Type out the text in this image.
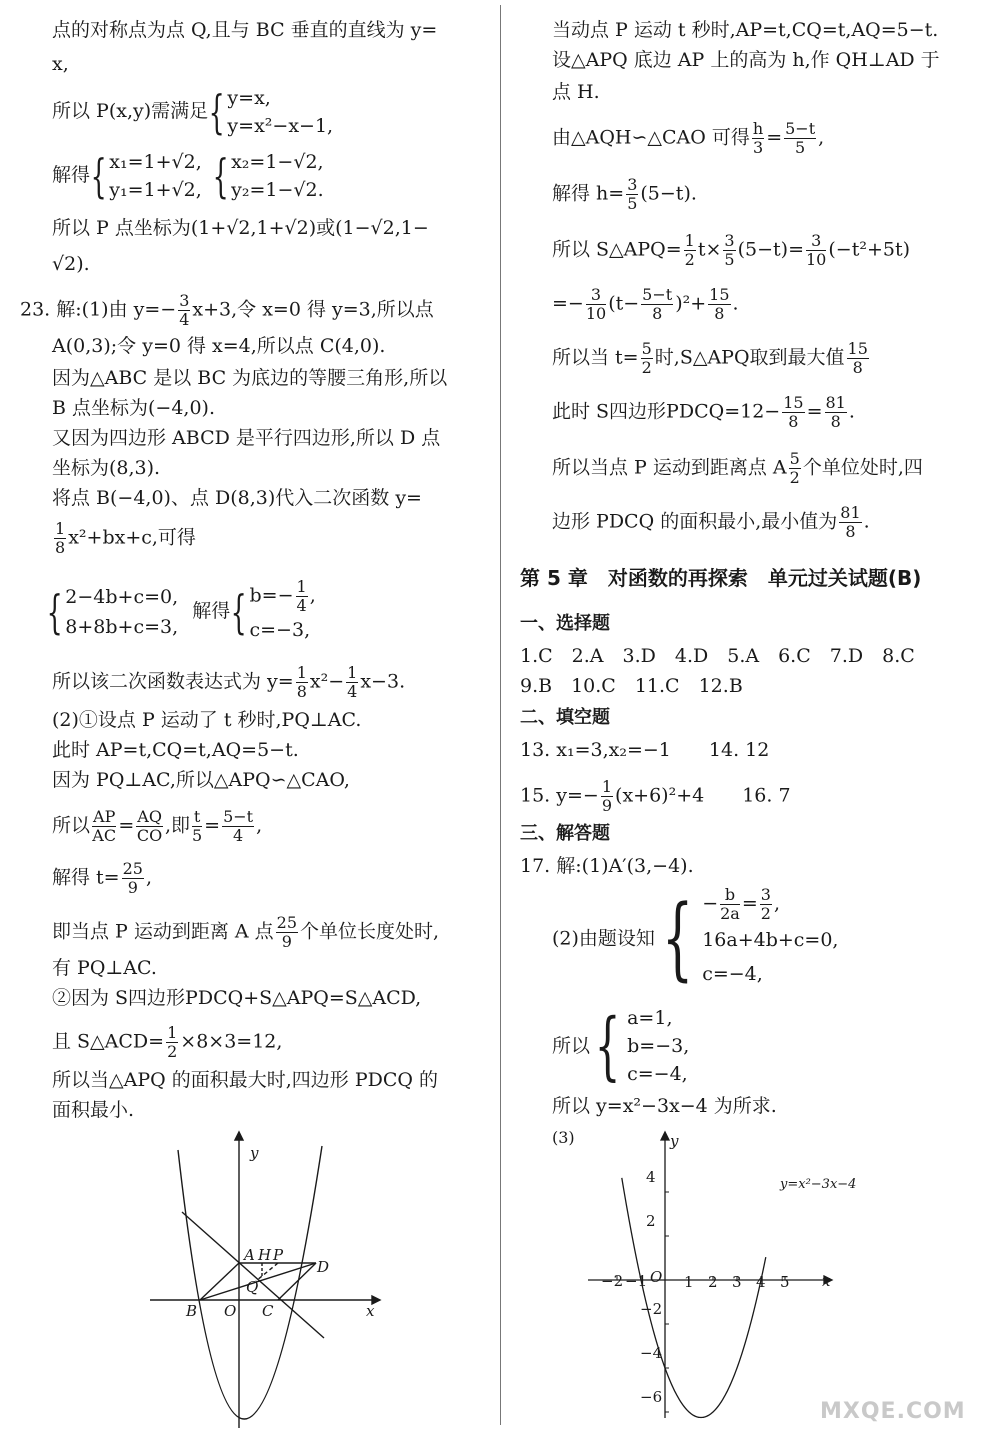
点的对称点为点 Q,且与 BC 垂直的直线为 y=
x,
所以 P(x,y)需满足{ y=x,
y=x²−x−1,
解得{ x₁=1+√2,
y₁=1+√2, { x₂=1−√2,
y₂=1−√2.
所以 P 点坐标为(1+√2,1+√2)或(1−√2,1−
√2).
23. 解:(1)由 $y=- \frac{3}{4} x+3$,令 x=0 得 y=3,所以点
A(0,3);令 y=0 得 x=4,所以点 C(4,0).
因为△ABC 是以 BC 为底边的等腰三角形,所以
B 点坐标为(−4,0).
又因为四边形 ABCD 是平行四边形,所以 D 点
坐标为(8,3).
将点 B(−4,0)、点 D(8,3)代入二次函数 y=
$\frac{1}{8} x^2+bx+c$,可得
{ 2−4b+c=0,
8+8b+c=3,
解得{ $b=- \frac{1}{4}$ ,
c=−3,
所以该二次函数表达式为 $y= \frac{1}{8} x^2- \frac{1}{4} x-3$.
(2)①设点 P 运动了 t 秒时,PQ⊥AC.
此时 AP=t,CQ=t,AQ=5−t.
因为 PQ⊥AC,所以△APQ∽△CAO,
所以 $\frac{AP}{AC} = \frac{AQ}{CO}$ ,即 $\frac{t}{5} = \frac{5-t}{4}$ ,
解得 $t= \frac{25}{9}$ ,
即当点 P 运动到距离 A 点 $\frac{25}{9}$ 个单位长度处时,
有 PQ⊥AC.
②因为 S四边形PDCQ+S△APQ=S△ACD,
且 S△ACD= $\frac{1}{2} \times 8\times 3=12$,
所以当△APQ 的面积最大时,四边形 PDCQ 的
面积最小.
y
x
A H P
Q
D
B O C
当动点 P 运动 t 秒时,AP=t,CQ=t,AQ=5−t.
设△APQ 底边 AP 上的高为 h,作 QH⊥AD 于
点 H.
由△AQH∽△CAO 可得 $\frac{h}{3} = \frac{5-t}{5}$ ,
解得 $h= \frac{3}{5} (5-t)$.
所以 S△APQ= $\frac{1}{2} t\times \frac{3}{5} (5-t)= \frac{3}{10} (-t^2+5t)$
=− $\frac{3}{10} (t- \frac{5-t}{8} )^2+ \frac{15}{8}$ .
所以当 $t= \frac{5}{2}$ 时,S△APQ取到最大值 $\frac{15}{8}$
此时 S四边形PDCQ=12− $\frac{15}{8} = \frac{81}{8}$ .
所以当点 P 运动到距离点 A $\frac{5}{2}$ 个单位处时,四
边形 PDCQ 的面积最小,最小值为 $\frac{81}{8}$ .
第 5 章　对函数的再探索　单元过关试题(B)
一、选择题
1.C　2.A　3.D　4.D　5.A　6.C　7.D　8.C
9.B　10.C　11.C　12.B
二、填空题
13. x₁=3,x₂=−1　　14. 12
15. $y=- \frac{1}{9} (x+6)^2+4$　　16. 7
三、解答题
17. 解:(1)A′(3,−4).
(2)由题设知{ − $\frac{b}{2a} = \frac{3}{2}$ ,
16a+4b+c=0,
c=−4,
所以{ a=1,
b=−3,
c=−4,
所以 y=x²−3x−4 为所求.
(3)	y
x
O
y=x²−3x−4
−2 −1 1 2 3 4 5
4
2
−2
−4
−6
MXQE.COM
